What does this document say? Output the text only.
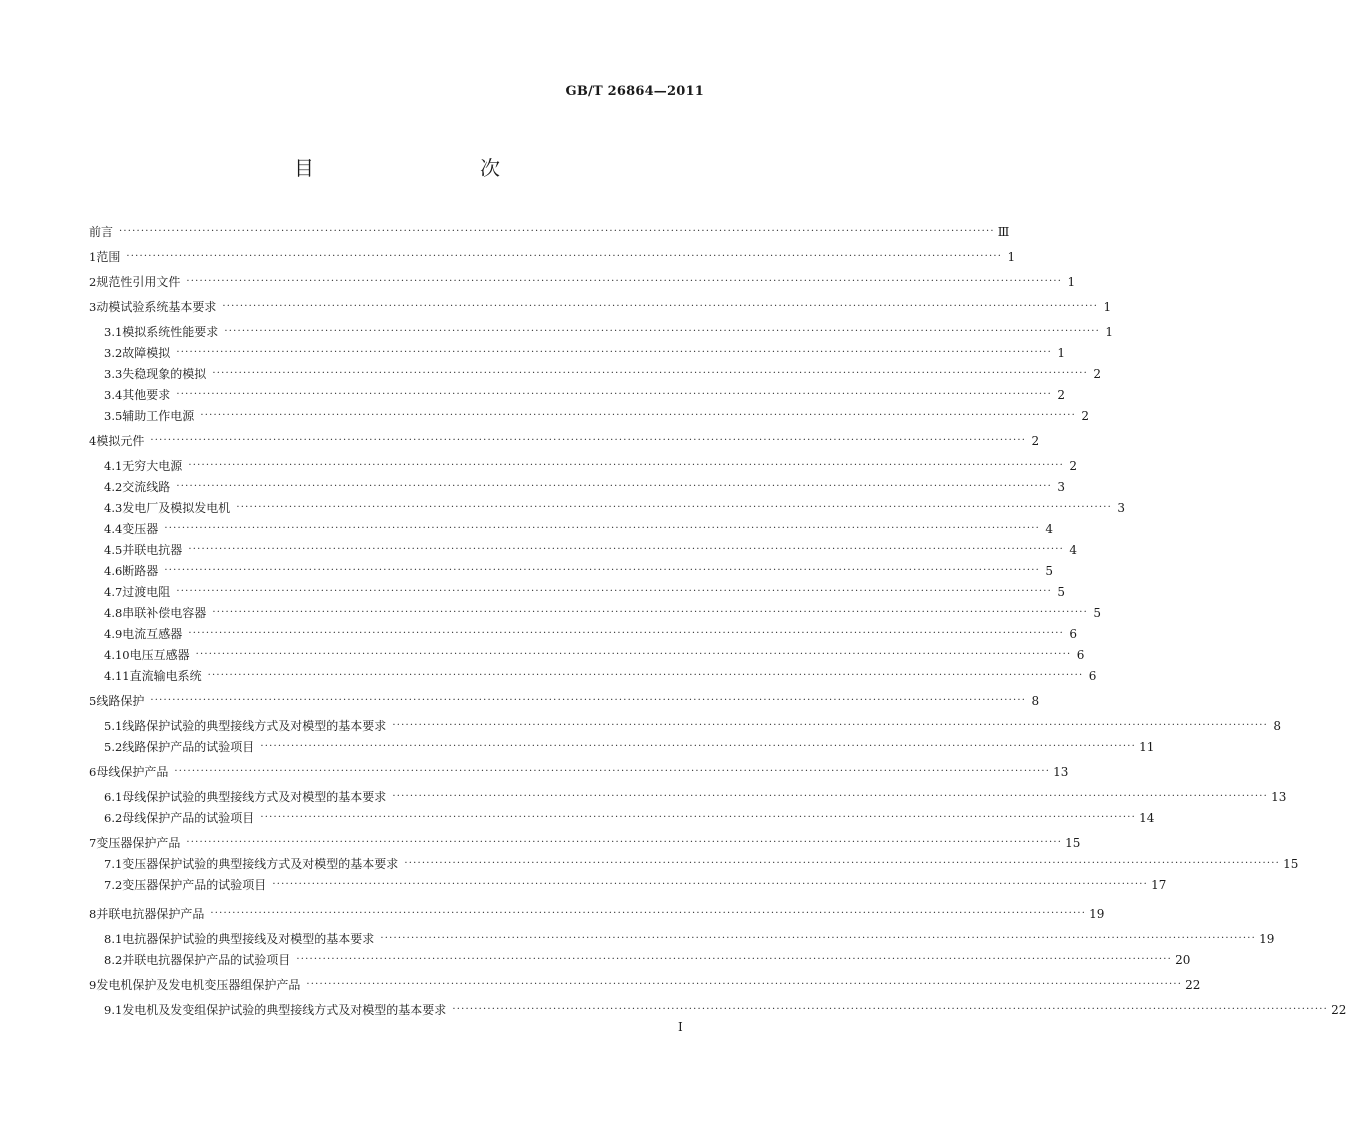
GB/T 26864—2011
目　　次
前言 ········································································································································································································ Ⅲ
1 范围 ········································································································································································································ 1
2 规范性引用文件 ········································································································································································································ 1
3 动模试验系统基本要求 ········································································································································································································ 1
3.1 模拟系统性能要求 ········································································································································································································ 1
3.2 故障模拟 ········································································································································································································ 1
3.3 失稳现象的模拟 ········································································································································································································ 2
3.4 其他要求 ········································································································································································································ 2
3.5 辅助工作电源 ········································································································································································································ 2
4 模拟元件 ········································································································································································································ 2
4.1 无穷大电源 ········································································································································································································ 2
4.2 交流线路 ········································································································································································································ 3
4.3 发电厂及模拟发电机 ········································································································································································································ 3
4.4 变压器 ········································································································································································································ 4
4.5 并联电抗器 ········································································································································································································ 4
4.6 断路器 ········································································································································································································ 5
4.7 过渡电阻 ········································································································································································································ 5
4.8 串联补偿电容器 ········································································································································································································ 5
4.9 电流互感器 ········································································································································································································ 6
4.10 电压互感器 ········································································································································································································ 6
4.11 直流输电系统 ········································································································································································································ 6
5 线路保护 ········································································································································································································ 8
5.1 线路保护试验的典型接线方式及对模型的基本要求 ········································································································································································································ 8
5.2 线路保护产品的试验项目 ········································································································································································································ 11
6 母线保护产品 ········································································································································································································ 13
6.1 母线保护试验的典型接线方式及对模型的基本要求 ········································································································································································································ 13
6.2 母线保护产品的试验项目 ········································································································································································································ 14
7 变压器保护产品 ········································································································································································································ 15
7.1 变压器保护试验的典型接线方式及对模型的基本要求 ········································································································································································································ 15
7.2 变压器保护产品的试验项目 ········································································································································································································ 17
8 并联电抗器保护产品 ········································································································································································································ 19
8.1 电抗器保护试验的典型接线及对模型的基本要求 ········································································································································································································ 19
8.2 并联电抗器保护产品的试验项目 ········································································································································································································ 20
9 发电机保护及发电机变压器组保护产品 ········································································································································································································ 22
9.1 发电机及发变组保护试验的典型接线方式及对模型的基本要求 ········································································································································································································ 22
I
